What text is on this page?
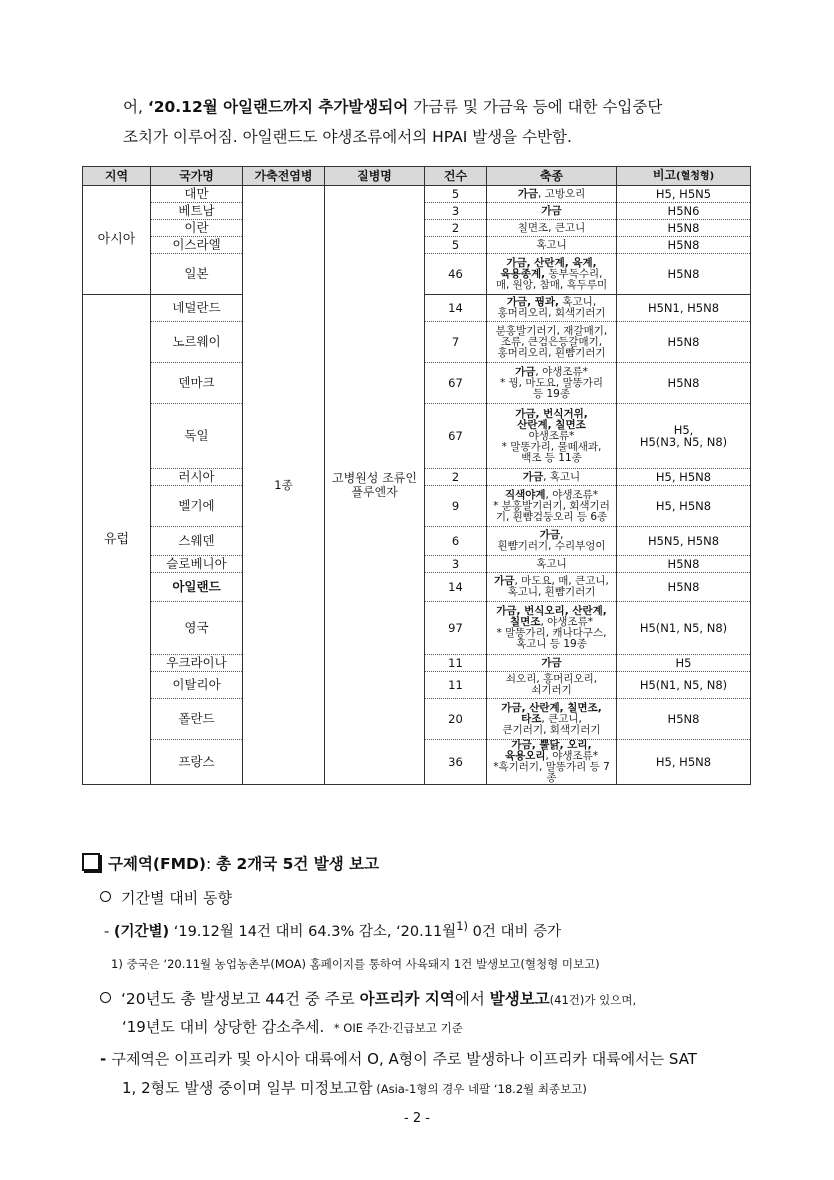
어, ‘20.12월 아일랜드까지 추가발생되어 가금류 및 가금육 등에 대한 수입중단
조치가 이루어짐. 아일랜드도 야생조류에서의 HPAI 발생을 수반함.
지역	국가명	가축전염병	질병명	건수	축종	비고(혈청형)
아시아	대만	1종	고병원성 조류인플루엔자	5	가금, 고방오리	H5, H5N5
	베트남			3	가금	H5N6
	이란			2	칠면조, 큰고니	H5N8
	이스라엘			5	혹고니	H5N8
	일본			46	가금, 산란계, 육계,
육용종계, 동부독수리,
매, 원앙, 참매, 흑두루미	H5N8
유럽	네덜란드			14	가금, 꿩과, 혹고니,
홍머리오리, 회색기러기	H5N1, H5N8
	노르웨이			7	분홍발기러기, 재갈매기,
조류, 큰검은등갈매기,
홍머리오리, 흰뺨기러기	H5N8
	덴마크			67	가금, 야생조류*
* 꿩, 마도요, 말똥가리
등 19종	H5N8
	독일			67	가금, 번식거위,
산란계, 칠면조
야생조류*
* 말똥가리, 물떼새과,
백조 등 11종	H5,
H5(N3, N5, N8)
	러시아			2	가금, 혹고니	H5, H5N8
	벨기에			9	직색야계, 야생조류*
* 분홍발기러기, 회색기러
기, 흰뺨검둥오리 등 6종	H5, H5N8
	스웨덴			6	가금,
흰뺨기러기, 수리부엉이	H5N5, H5N8
	슬로베니아			3	혹고니	H5N8
	아일랜드			14	가금, 마도요, 매, 큰고니,
혹고니, 흰뺨기러기	H5N8
	영국			97	가금, 번식오리, 산란계,
칠면조, 야생조류*
* 말똥가리, 캐나다구스,
혹고니 등 19종	H5(N1, N5, N8)
	우크라이나			11	가금	H5
	이탈리아			11	쇠오리, 홍머리오리,
쇠기러기	H5(N1, N5, N8)
	폴란드			20	가금, 산란계, 칠면조,
타조, 큰고니,
큰기러기, 회색기러기	H5N8
	프랑스			36	가금, 뿔닭, 오리,
육용오리, 야생조류*
*흑기러기, 말똥가리 등 7종	H5, H5N8
구제역(FMD): 총 2개국 5건 발생 보고
기간별 대비 동향
- (기간별) ‘19.12월 14건 대비 64.3% 감소, ‘20.11월$^{1)}$ 0건 대비 증가
1) 중국은 ‘20.11월 농업농촌부(MOA) 홈페이지를 통하여 사육돼지 1건 발생보고(혈청형 미보고)
‘20년도 총 발생보고 44건 중 주로 아프리카 지역에서 발생보고(41건)가 있으며,
‘19년도 대비 상당한 감소추세. * OIE 주간·긴급보고 기준
- 구제역은 이프리카 및 아시아 대륙에서 O, A형이 주로 발생하나 이프리카 대륙에서는 SAT
1, 2형도 발생 중이며 일부 미정보고함 (Asia-1형의 경우 네팔 ‘18.2월 최종보고)
- 2 -
